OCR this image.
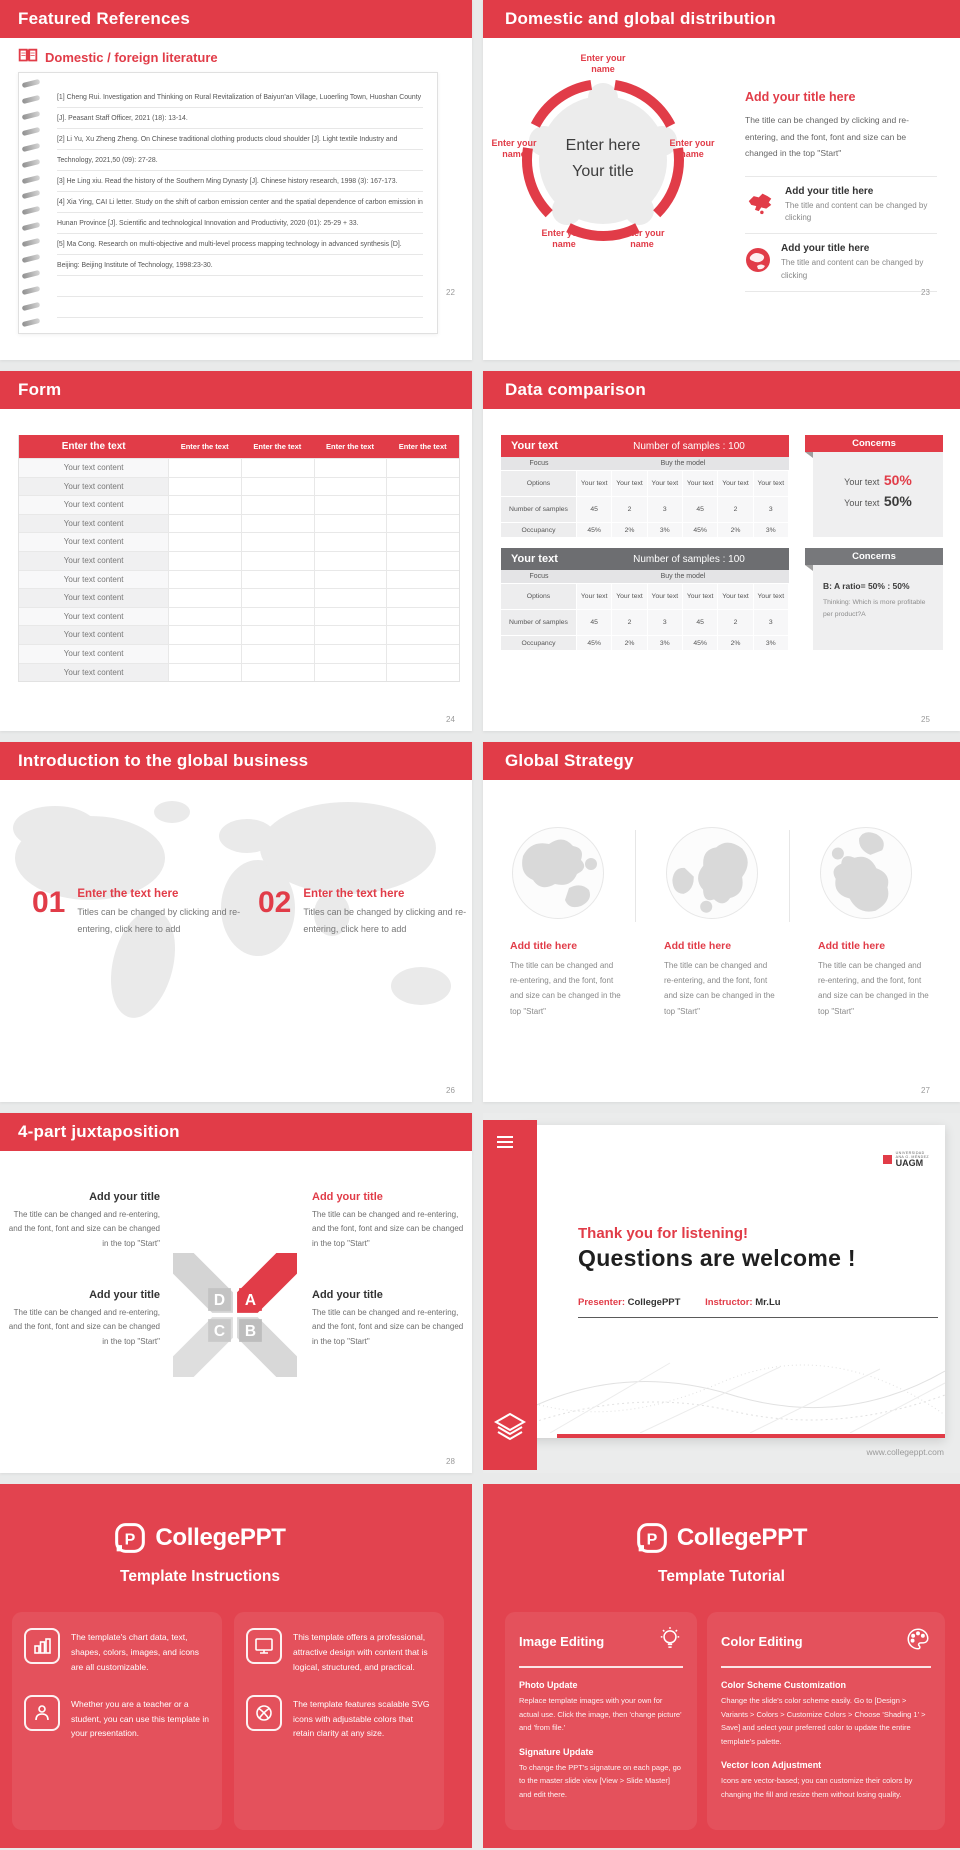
Featured References
Domestic / foreign literature
[1] Cheng Rui. Investigation and Thinking on Rural Revitalization of Baiyun'an Village, Luoerling Town, Huoshan County [J]. Peasant Staff Officer, 2021 (18): 13-14.
[2] Li Yu, Xu Zheng Zheng. On Chinese traditional clothing products cloud shoulder [J]. Light textile Industry and Technology, 2021,50 (09): 27-28.
[3] He Ling xiu. Read the history of the Southern Ming Dynasty [J]. Chinese history research, 1998 (3): 167-173.
[4] Xia Ying, CAI Li letter. Study on the shift of carbon emission center and the spatial dependence of carbon emission in Hunan Province [J]. Scientific and technological Innovation and Productivity, 2020 (01): 25-29 + 33.
[5] Ma Cong. Research on multi-objective and multi-level process mapping technology in advanced synthesis [D]. Beijing: Beijing Institute of Technology, 1998:23-30.
22
Domestic and global distribution
Enter your name
Enter your name
Enter your name
Enter your name
Enter your name
Enter here
Your title
Add your title here
The title can be changed by clicking and re-entering, and the font, font and size can be changed in the top "Start"
Add your title here
The title and content can be changed by clicking
Add your title here
The title and content can be changed by clicking
23
Form
Enter the text	Enter the text	Enter the text	Enter the text	Enter the text
Your text content
Your text content
Your text content
Your text content
Your text content
Your text content
Your text content
Your text content
Your text content
Your text content
Your text content
Your text content
24
Data comparison
Your text	Number of samples : 100
Focus	Buy the model
Options	Your text	Your text	Your text	Your text	Your text	Your text
Number of samples	45	2	3	45	2	3
Occupancy	45%	2%	3%	45%	2%	3%
Your text	Number of samples : 100
Focus	Buy the model
Options	Your text	Your text	Your text	Your text	Your text	Your text
Number of samples	45	2	3	45	2	3
Occupancy	45%	2%	3%	45%	2%	3%
Concerns
Your text 50%
Your text 50%
Concerns
B: A ratio= 50% : 50%
Thinking: Which is more profitable per product?A
25
Introduction to the global business
01 Enter the text here
Titles can be changed by clicking and re-entering, click here to add
02 Enter the text here
Titles can be changed by clicking and re-entering, click here to add
26
Global Strategy
Add title here
The title can be changed and re-entering, and the font, font and size can be changed in the top "Start"
Add title here
The title can be changed and re-entering, and the font, font and size can be changed in the top "Start"
Add title here
The title can be changed and re-entering, and the font, font and size can be changed in the top "Start"
27
4-part juxtaposition
Add your title
The title can be changed and re-entering, and the font, font and size can be changed in the top "Start"
Add your title
The title can be changed and re-entering, and the font, font and size can be changed in the top "Start"
Add your title
The title can be changed and re-entering, and the font, font and size can be changed in the top "Start"
Add your title
The title can be changed and re-entering, and the font, font and size can be changed in the top "Start"
D A
C B
28
UNIVERSIDAD
ANA G. MÉNDEZ
UAGM
Thank you for listening!
Questions are welcome !
Presenter: CollegePPT	Instructor: Mr.Lu
www.collegeppt.com
P CollegePPT
Template Instructions
The template's chart data, text, shapes, colors, images, and icons are all customizable.
Whether you are a teacher or a student, you can use this template in your presentation.
This template offers a professional, attractive design with content that is logical, structured, and practical.
The template features scalable SVG icons with adjustable colors that retain clarity at any size.
P CollegePPT
Template Tutorial
Image Editing
Photo Update
Replace template images with your own for actual use. Click the image, then 'change picture' and 'from file.'
Signature Update
To change the PPT's signature on each page, go to the master slide view [View > Slide Master] and edit there.
Color Editing
Color Scheme Customization
Change the slide's color scheme easily. Go to [Design > Variants > Colors > Customize Colors > Choose 'Shading 1' > Save] and select your preferred color to update the entire template's palette.
Vector Icon Adjustment
Icons are vector-based; you can customize their colors by changing the fill and resize them without losing quality.
